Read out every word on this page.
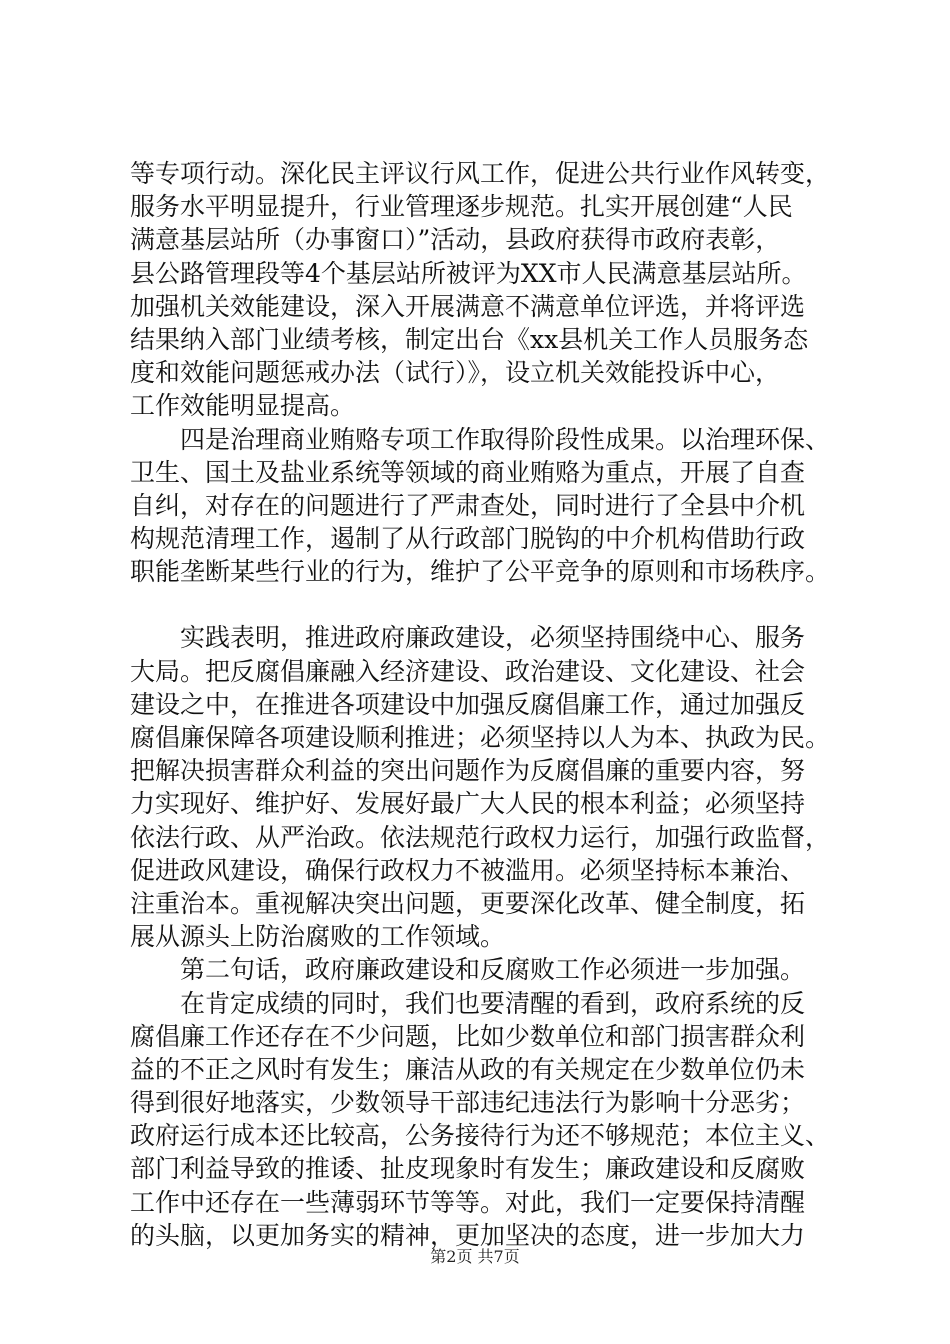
等专项行动。深化民主评议行风工作，促进公共行业作风转变，
服务水平明显提升，行业管理逐步规范。扎实开展创建“人民
满意基层站所（办事窗口）”活动，县政府获得市政府表彰，
县公路管理段等4个基层站所被评为XX市人民满意基层站所。
加强机关效能建设，深入开展满意不满意单位评选，并将评选
结果纳入部门业绩考核，制定出台《xx县机关工作人员服务态
度和效能问题惩戒办法（试行）》，设立机关效能投诉中心，
工作效能明显提高。
四是治理商业贿赂专项工作取得阶段性成果。以治理环保、
卫生、国土及盐业系统等领域的商业贿赂为重点，开展了自查
自纠，对存在的问题进行了严肃查处，同时进行了全县中介机
构规范清理工作，遏制了从行政部门脱钩的中介机构借助行政
职能垄断某些行业的行为，维护了公平竞争的原则和市场秩序。
实践表明，推进政府廉政建设，必须坚持围绕中心、服务
大局。把反腐倡廉融入经济建设、政治建设、文化建设、社会
建设之中，在推进各项建设中加强反腐倡廉工作，通过加强反
腐倡廉保障各项建设顺利推进；必须坚持以人为本、执政为民。
把解决损害群众利益的突出问题作为反腐倡廉的重要内容，努
力实现好、维护好、发展好最广大人民的根本利益；必须坚持
依法行政、从严治政。依法规范行政权力运行，加强行政监督，
促进政风建设，确保行政权力不被滥用。必须坚持标本兼治、
注重治本。重视解决突出问题，更要深化改革、健全制度，拓
展从源头上防治腐败的工作领域。
第二句话，政府廉政建设和反腐败工作必须进一步加强。
在肯定成绩的同时，我们也要清醒的看到，政府系统的反
腐倡廉工作还存在不少问题，比如少数单位和部门损害群众利
益的不正之风时有发生；廉洁从政的有关规定在少数单位仍未
得到很好地落实，少数领导干部违纪违法行为影响十分恶劣；
政府运行成本还比较高，公务接待行为还不够规范；本位主义、
部门利益导致的推诿、扯皮现象时有发生；廉政建设和反腐败
工作中还存在一些薄弱环节等等。对此，我们一定要保持清醒
的头脑，以更加务实的精神，更加坚决的态度，进一步加大力
第2页 共7页
